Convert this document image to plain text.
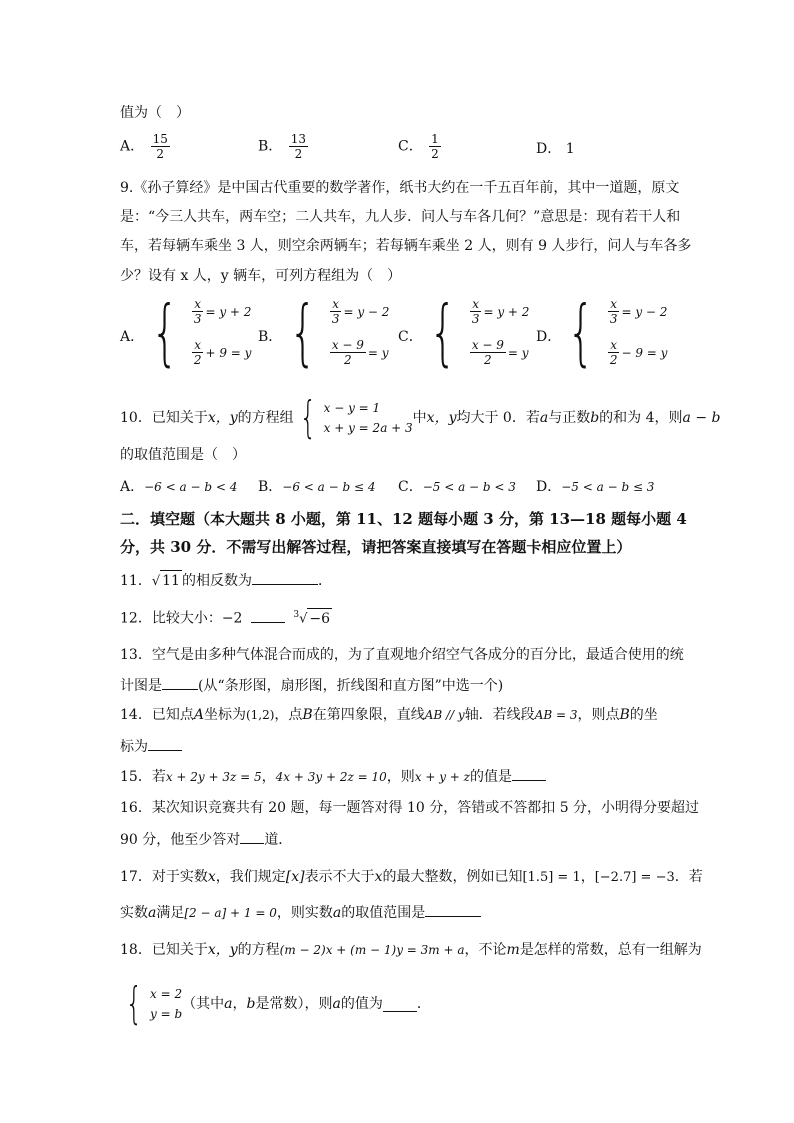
值为（　）
A． $\frac{15}{2}$	B． $\frac{13}{2}$	C． $\frac{1}{2}$	D． 1
9.《孙子算经》是中国古代重要的数学著作，纸书大约在一千五百年前，其中一道题，原文
是：“今三人共车，两车空；二人共车，九人步．问人与车各几何？”意思是：现有若干人和
车，若每辆车乘坐 3 人，则空余两辆车；若每辆车乘坐 2 人，则有 9 人步行，问人与车各多
少？设有 x 人，y 辆车，可列方程组为（　）
A． { $\frac{x}{3} = y + 2$
$\frac{x}{2} + 9 = y$
B． { $\frac{x}{3} = y - 2$
$\frac{x - 9}{2} = y$
C． { $\frac{x}{3} = y + 2$
$\frac{x - 9}{2} = y$
D． { $\frac{x}{3} = y - 2$
$\frac{x}{2} - 9 = y$
10．已知关于 x，y 的方程组 { x − y = 1
x + y = 2a + 3
中 x，y 均大于 0．若 a 与正数 b 的和为 4，则 a − b
的取值范围是（　）
A．−6 < a − b < 4 B．−6 < a − b ≤ 4 C．−5 < a − b < 3 D．−5 < a − b ≤ 3
二．填空题（本大题共 8 小题，第 11、12 题每小题 3 分，第 13—18 题每小题 4
分，共 30 分．不需写出解答过程，请把答案直接填写在答题卡相应位置上）
11．√ 11 的相反数为	．
12．比较大小：−2	$^3$√ −6
13．空气是由多种气体混合而成的，为了直观地介绍空气各成分的百分比，最适合使用的统
计图是	(从“条形图，扇形图，折线图和直方图”中选一个)
14．已知点A坐标为(1,2)，点B在第四象限，直线AB // y轴．若线段AB = 3，则点B的坐
标为
15．若x + 2y + 3z = 5，4x + 3y + 2z = 10，则x + y + z的值是
16．某次知识竞赛共有 20 题，每一题答对得 10 分，答错或不答都扣 5 分，小明得分要超过
90 分，他至少答对 道．
17．对于实数x，我们规定[x]表示不大于x的最大整数，例如已知[1.5] = 1，[−2.7] = −3．若
实数a满足[2 − a] + 1 = 0，则实数a的取值范围是
18．已知关于x，y的方程(m − 2)x + (m − 1)y = 3m + a，不论m是怎样的常数，总有一组解为
{ x = 2
y = b
（其中 a ， b 是常数），则 a 的值为 ．
